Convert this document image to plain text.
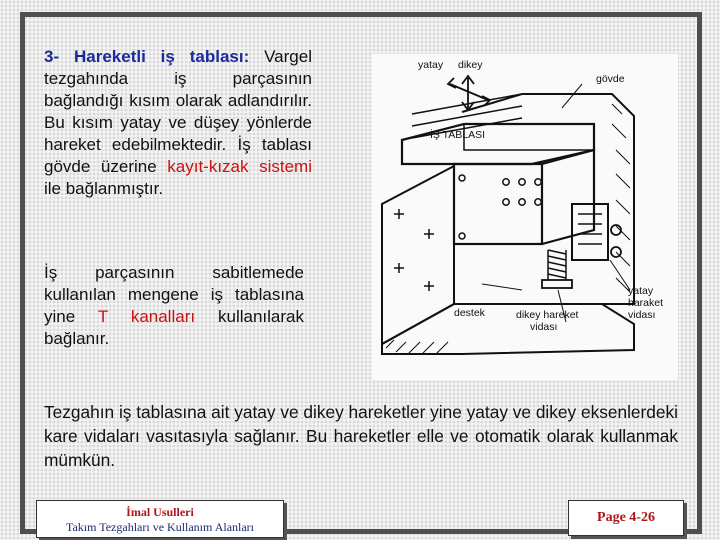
3- Hareketli iş tablası: Vargel tezgahında iş parçasının bağlandığı kısım olarak adlandırılır. Bu kısım yatay ve düşey yönlerde hareket edebilmektedir. İş tablası gövde üzerine kayıt-kızak sistemi ile bağlanmıştır.

İş parçasının sabitlemede kullanılan mengene iş tablasına yine T kanalları kullanılarak bağlanır.

Tezgahın iş tablasına ait yatay ve dikey hareketler yine yatay ve dikey eksenlerdeki kare vidaları vasıtasıyla sağlanır. Bu hareketler elle ve otomatik olarak kullanmak mümkün.

yatay dikey
gövde
İŞ TABLASI
destek	dikey hareket
vidası
yatay
haraket
vidası
İmal Usulleri
Takım Tezgahları ve Kullanım Alanları
Page 4-26
